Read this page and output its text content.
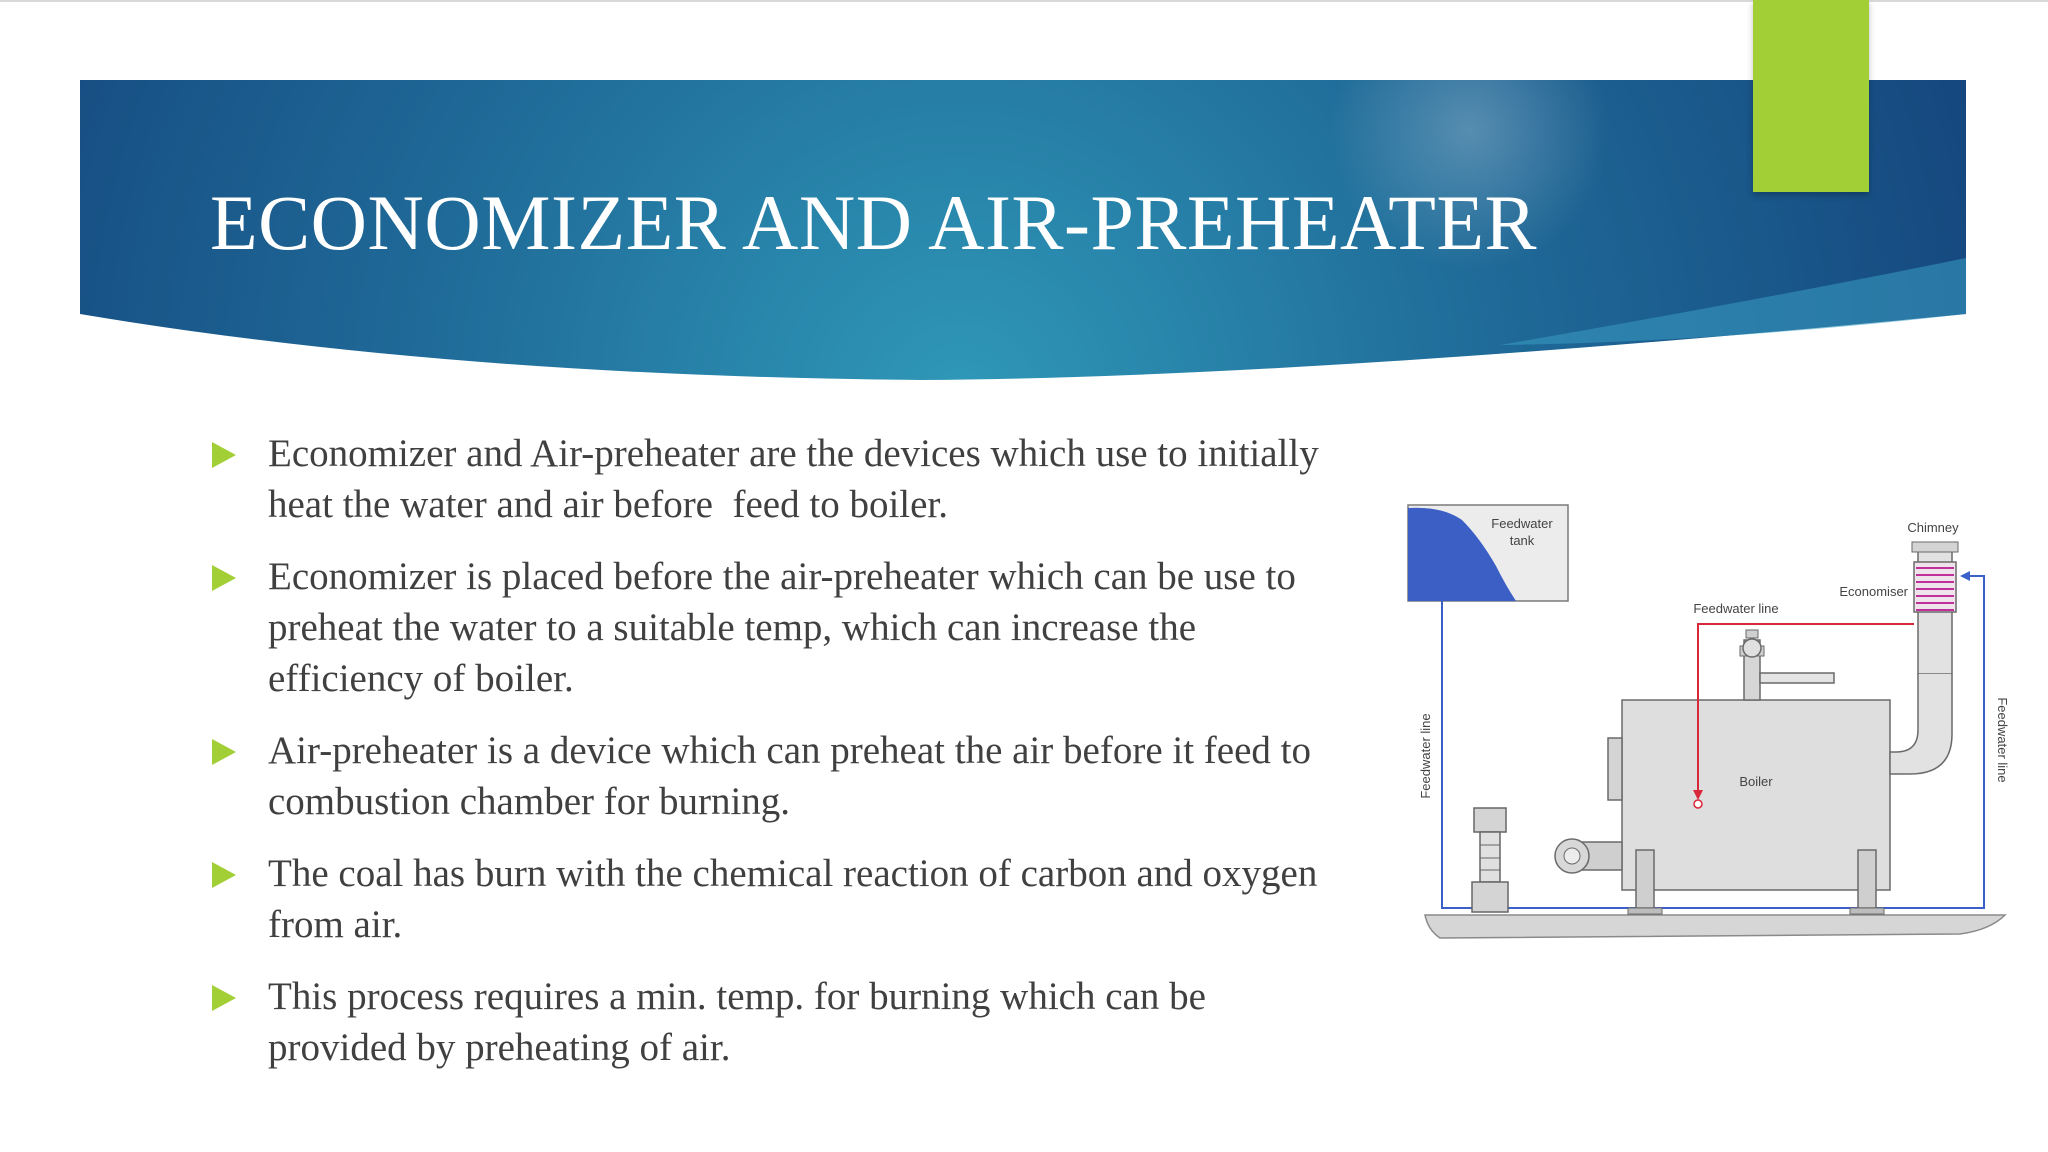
ECONOMIZER AND AIR-PREHEATER
Economizer and Air-preheater are the devices which use to initially heat the water and air before  feed to boiler.
Economizer is placed before the air-preheater which can be use to preheat the water to a suitable temp, which can increase the efficiency of boiler.
Air-preheater is a device which can preheat the air before it feed to combustion chamber for burning.
The coal has burn with the chemical reaction of carbon and oxygen from air.
This process requires a min. temp. for burning which can be provided by preheating of air.
Feedwater
tank
Boiler
Chimney
Economiser
Feedwater line
Feedwater line	Feedwater line
